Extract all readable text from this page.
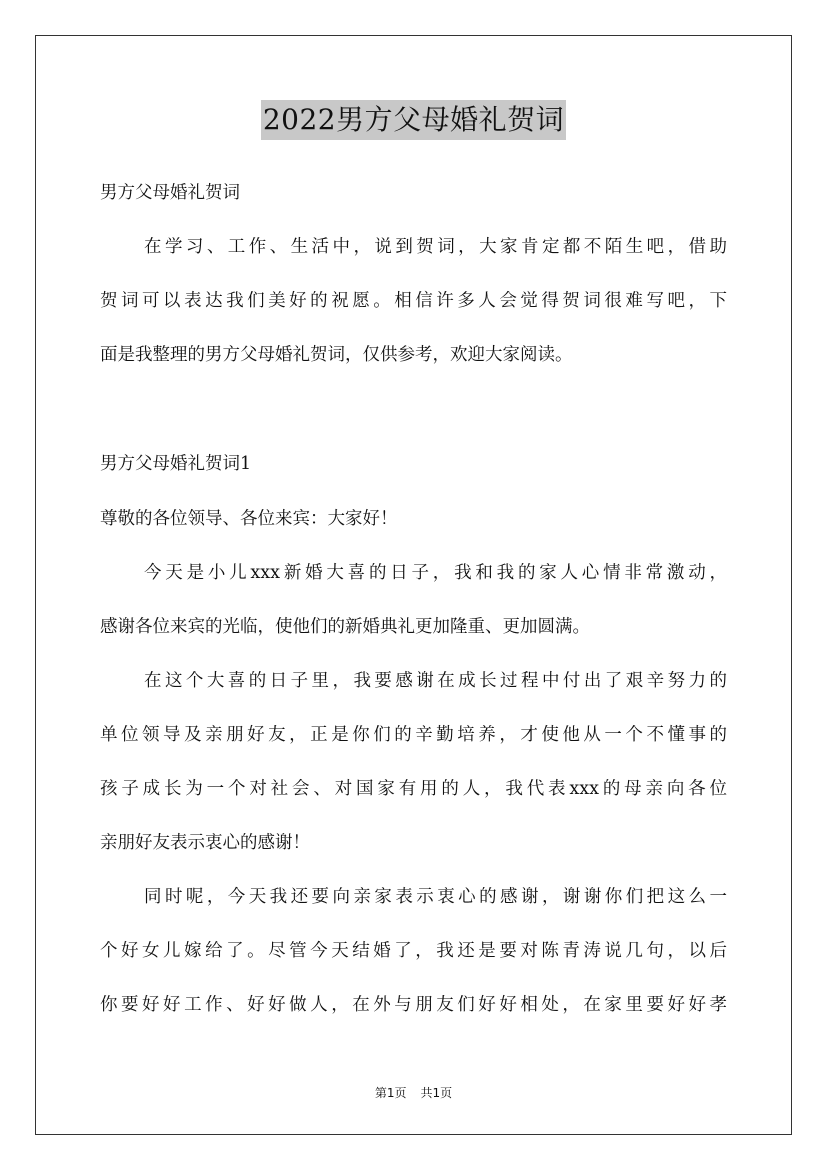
2022男方父母婚礼贺词
男方父母婚礼贺词
在学习、工作、生活中，说到贺词，大家肯定都不陌生吧，借助
贺词可以表达我们美好的祝愿。相信许多人会觉得贺词很难写吧，下
面是我整理的男方父母婚礼贺词，仅供参考，欢迎大家阅读。
男方父母婚礼贺词1
尊敬的各位领导、各位来宾：大家好！
今天是小儿xxx新婚大喜的日子，我和我的家人心情非常激动，
感谢各位来宾的光临，使他们的新婚典礼更加隆重、更加圆满。
在这个大喜的日子里，我要感谢在成长过程中付出了艰辛努力的
单位领导及亲朋好友，正是你们的辛勤培养，才使他从一个不懂事的
孩子成长为一个对社会、对国家有用的人，我代表xxx的母亲向各位
亲朋好友表示衷心的感谢！
同时呢，今天我还要向亲家表示衷心的感谢，谢谢你们把这么一
个好女儿嫁给了。尽管今天结婚了，我还是要对陈青涛说几句，以后
你要好好工作、好好做人，在外与朋友们好好相处，在家里要好好孝
第1页 共1页
